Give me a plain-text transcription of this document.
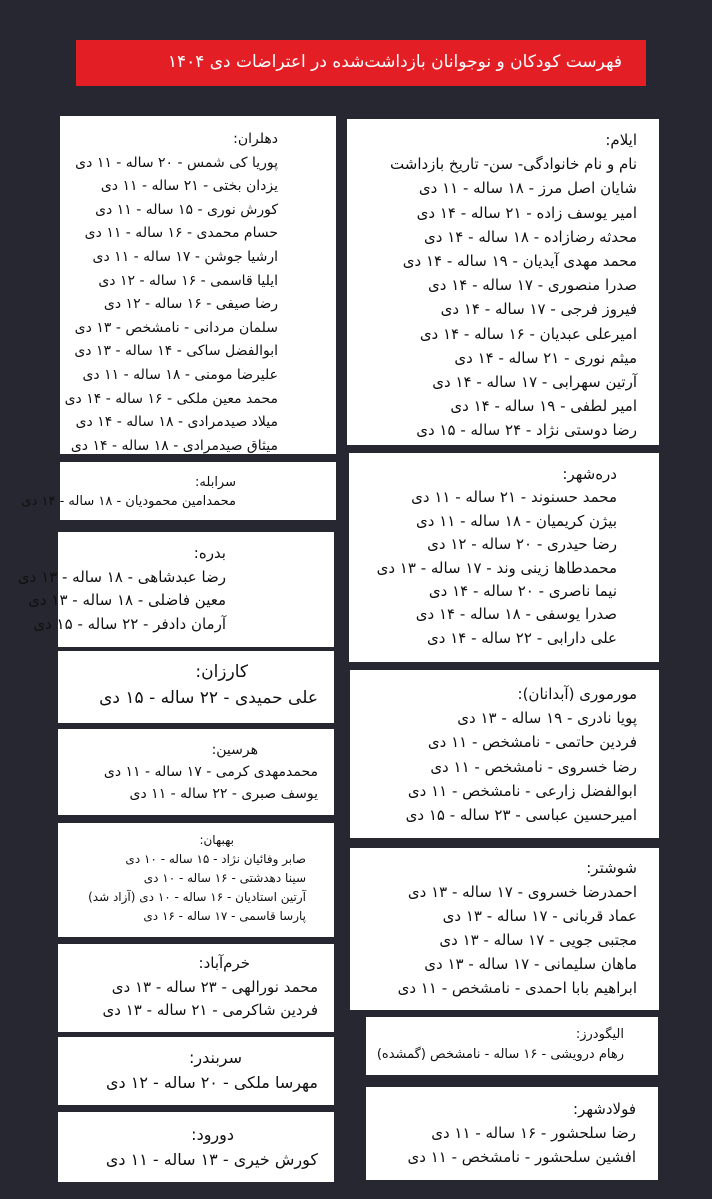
فهرست کودکان و نوجوانان بازداشت‌شده در اعتراضات دی ۱۴۰۴
ایلام:
نام و نام خانوادگی- سن- تاریخ بازداشت
شایان اصل مرز - ۱۸ ساله - ۱۱ دی
امیر یوسف زاده - ۲۱ ساله - ۱۴ دی
محدثه رضازاده - ۱۸ ساله - ۱۴ دی
محمد مهدی آیدیان - ۱۹ ساله - ۱۴ دی
صدرا منصوری - ۱۷ ساله - ۱۴ دی
فیروز فرجی - ۱۷ ساله - ۱۴ دی
امیرعلی عبدیان - ۱۶ ساله - ۱۴ دی
میثم نوری - ۲۱ ساله - ۱۴ دی
آرتین سهرابی - ۱۷ ساله - ۱۴ دی
امیر لطفی - ۱۹ ساله - ۱۴ دی
رضا دوستی نژاد - ۲۴ ساله - ۱۵ دی
دره‌شهر:
محمد حسنوند - ۲۱ ساله - ۱۱ دی
بیژن کریمیان - ۱۸ ساله - ۱۱ دی
رضا حیدری - ۲۰ ساله - ۱۲ دی
محمدطاها زینی وند - ۱۷ ساله - ۱۳ دی
نیما ناصری - ۲۰ ساله - ۱۴ دی
صدرا یوسفی - ۱۸ ساله - ۱۴ دی
علی دارابی - ۲۲ ساله - ۱۴ دی
مورموری (آبدانان):
پویا نادری - ۱۹ ساله - ۱۳ دی
فردین حاتمی - نامشخص - ۱۱ دی
رضا خسروی - نامشخص - ۱۱ دی
ابوالفضل زارعی - نامشخص - ۱۱ دی
امیرحسین عباسی - ۲۳ ساله - ۱۵ دی
شوشتر:
احمدرضا خسروی - ۱۷ ساله - ۱۳ دی
عماد قربانی - ۱۷ ساله - ۱۳ دی
مجتبی جویی - ۱۷ ساله - ۱۳ دی
ماهان سلیمانی - ۱۷ ساله - ۱۳ دی
ابراهیم بابا احمدی - نامشخص - ۱۱ دی
الیگودرز:
رهام درویشی - ۱۶ ساله - نامشخص (گمشده)
فولادشهر:
رضا سلحشور - ۱۶ ساله - ۱۱ دی
افشین سلحشور - نامشخص - ۱۱ دی
دهلران:
پوریا کی شمس - ۲۰ ساله - ۱۱ دی
یزدان بختی - ۲۱ ساله - ۱۱ دی
کورش نوری - ۱۵ ساله - ۱۱ دی
حسام محمدی - ۱۶ ساله - ۱۱ دی
ارشیا جوشن - ۱۷ ساله - ۱۱ دی
ایلیا قاسمی - ۱۶ ساله - ۱۲ دی
رضا صیفی - ۱۶ ساله - ۱۲ دی
سلمان مردانی - نامشخص - ۱۳ دی
ابوالفضل ساکی - ۱۴ ساله - ۱۳ دی
علیرضا مومنی - ۱۸ ساله - ۱۱ دی
محمد معین ملکی - ۱۶ ساله - ۱۴ دی
میلاد صیدمرادی - ۱۸ ساله - ۱۴ دی
میثاق صیدمرادی - ۱۸ ساله - ۱۴ دی
سرابله:
محمدامین محمودیان - ۱۸ ساله - ۱۴ دی
بدره:
رضا عبدشاهی - ۱۸ ساله - ۱۳ دی
معین فاضلی - ۱۸ ساله - ۱۳ دی
آرمان دادفر - ۲۲ ساله - ۱۵ دی
کارزان:
علی حمیدی - ۲۲ ساله - ۱۵ دی
هرسین:
محمدمهدی کرمی - ۱۷ ساله - ۱۱ دی
یوسف صبری - ۲۲ ساله - ۱۱ دی
بهبهان:
صابر وفائیان نژاد - ۱۵ ساله - ۱۰ دی
سینا دهدشتی - ۱۶ ساله - ۱۰ دی
آرتین استادیان - ۱۶ ساله - ۱۰ دی (آزاد شد)
پارسا قاسمی - ۱۷ ساله - ۱۶ دی
خرم‌آباد:
محمد نورالهی - ۲۳ ساله - ۱۳ دی
فردین شاکرمی - ۲۱ ساله - ۱۳ دی
سربندر:
مهرسا ملکی - ۲۰ ساله - ۱۲ دی
دورود:
کورش خیری - ۱۳ ساله - ۱۱ دی
